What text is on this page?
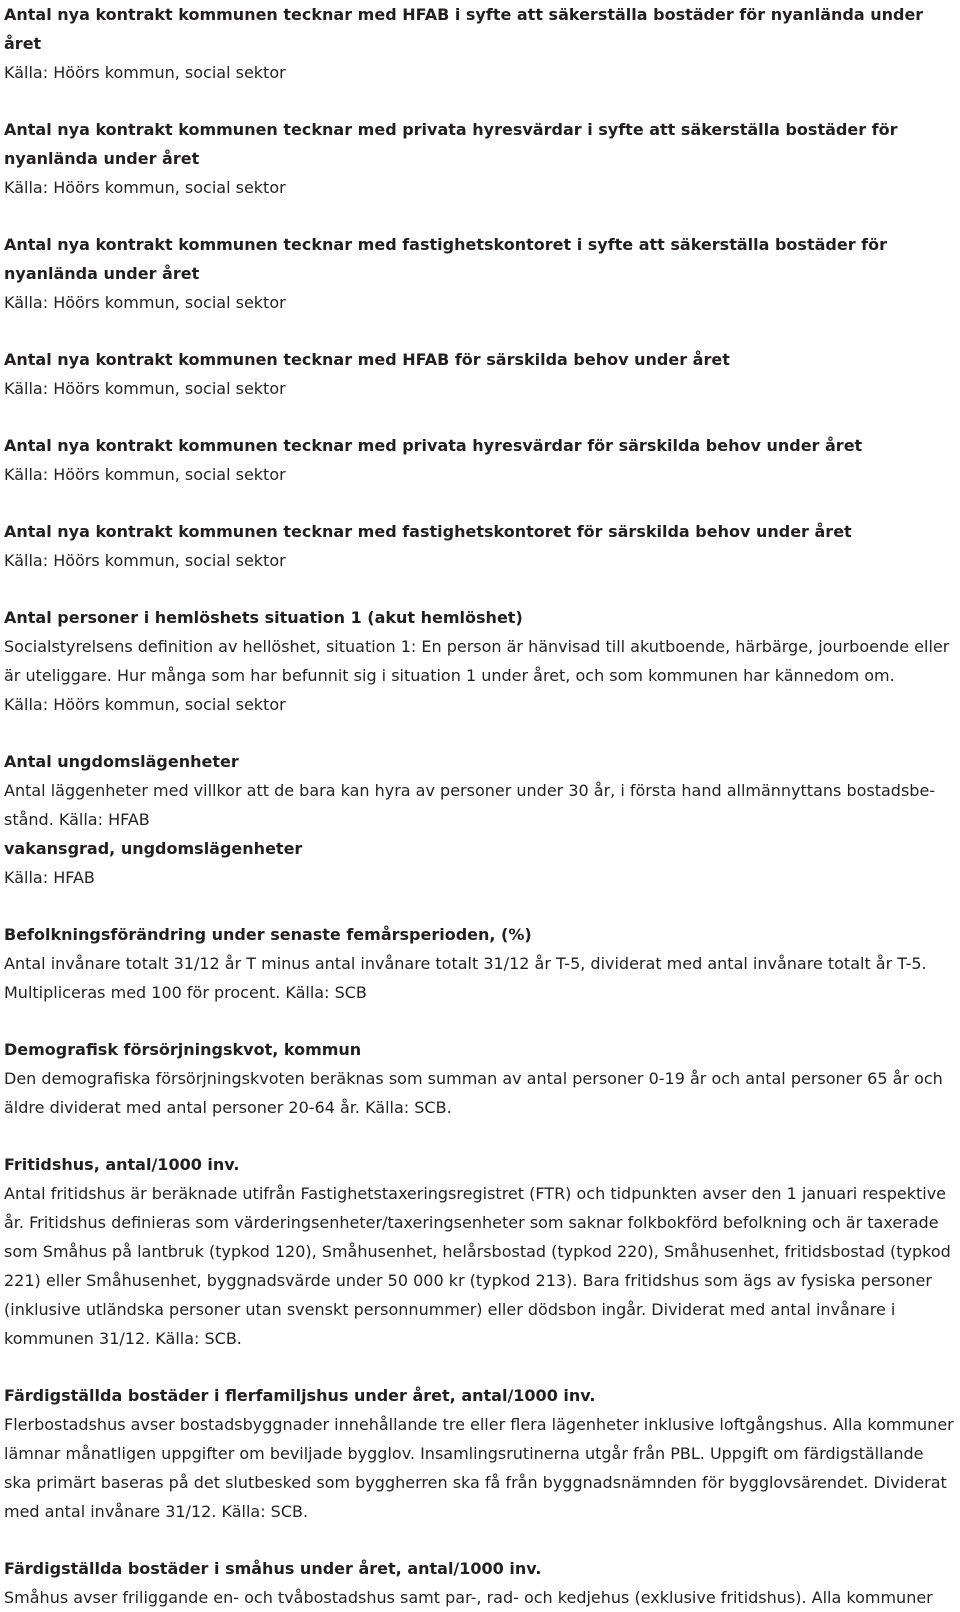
Antal nya kontrakt kommunen tecknar med HFAB i syfte att säkerställa bostäder för nyanlända under året
Källa: Höörs kommun, social sektor
Antal nya kontrakt kommunen tecknar med privata hyresvärdar i syfte att säkerställa bostäder för nyanlända under året
Källa: Höörs kommun, social sektor
Antal nya kontrakt kommunen tecknar med fastighetskontoret i syfte att säkerställa bostäder för nyanlända under året
Källa: Höörs kommun, social sektor
Antal nya kontrakt kommunen tecknar med HFAB för särskilda behov under året
Källa: Höörs kommun, social sektor
Antal nya kontrakt kommunen tecknar med privata hyresvärdar för särskilda behov under året
Källa: Höörs kommun, social sektor
Antal nya kontrakt kommunen tecknar med fastighetskontoret för särskilda behov under året
Källa: Höörs kommun, social sektor
Antal personer i hemlöshets situation 1 (akut hemlöshet)
Socialstyrelsens definition av hellöshet, situation 1: En person är hänvisad till akutboende, härbärge, jourboende eller är uteliggare. Hur många som har befunnit sig i situation 1 under året, och som kommunen har kännedom om.
Källa: Höörs kommun, social sektor
Antal ungdomslägenheter
Antal läggenheter med villkor att de bara kan hyra av personer under 30 år, i första hand allmännyttans bostadsbestånd. Källa: HFAB
vakansgrad, ungdomslägenheter
Källa: HFAB
Befolkningsförändring under senaste femårsperioden, (%)
Antal invånare totalt 31/12 år T minus antal invånare totalt 31/12 år T-5, dividerat med antal invånare totalt år T-5. Multipliceras med 100 för procent. Källa: SCB
Demografisk försörjningskvot, kommun
Den demografiska försörjningskvoten beräknas som summan av antal personer 0-19 år och antal personer 65 år och äldre dividerat med antal personer 20-64 år. Källa: SCB.
Fritidshus, antal/1000 inv.
Antal fritidshus är beräknade utifrån Fastighetstaxeringsregistret (FTR) och tidpunkten avser den 1 januari respektive år. Fritidshus definieras som värderingsenheter/taxeringsenheter som saknar folkbokförd befolkning och är taxerade som Småhus på lantbruk (typkod 120), Småhusenhet, helårsbostad (typkod 220), Småhusenhet, fritidsbostad (typkod 221) eller Småhusenhet, byggnadsvärde under 50 000 kr (typkod 213). Bara fritidshus som ägs av fysiska personer (inklusive utländska personer utan svenskt personnummer) eller dödsbon ingår. Dividerat med antal invånare i kommunen 31/12. Källa: SCB.
Färdigställda bostäder i flerfamiljshus under året, antal/1000 inv.
Flerbostadshus avser bostadsbyggnader innehållande tre eller flera lägenheter inklusive loftgångshus. Alla kommuner lämnar månatligen uppgifter om beviljade bygglov. Insamlingsrutinerna utgår från PBL. Uppgift om färdigställande ska primärt baseras på det slutbesked som byggherren ska få från byggnadsnämnden för bygglovsärendet. Dividerat med antal invånare 31/12. Källa: SCB.
Färdigställda bostäder i småhus under året, antal/1000 inv.
Småhus avser friliggande en- och tvåbostadshus samt par-, rad- och kedjehus (exklusive fritidshus). Alla kommuner
